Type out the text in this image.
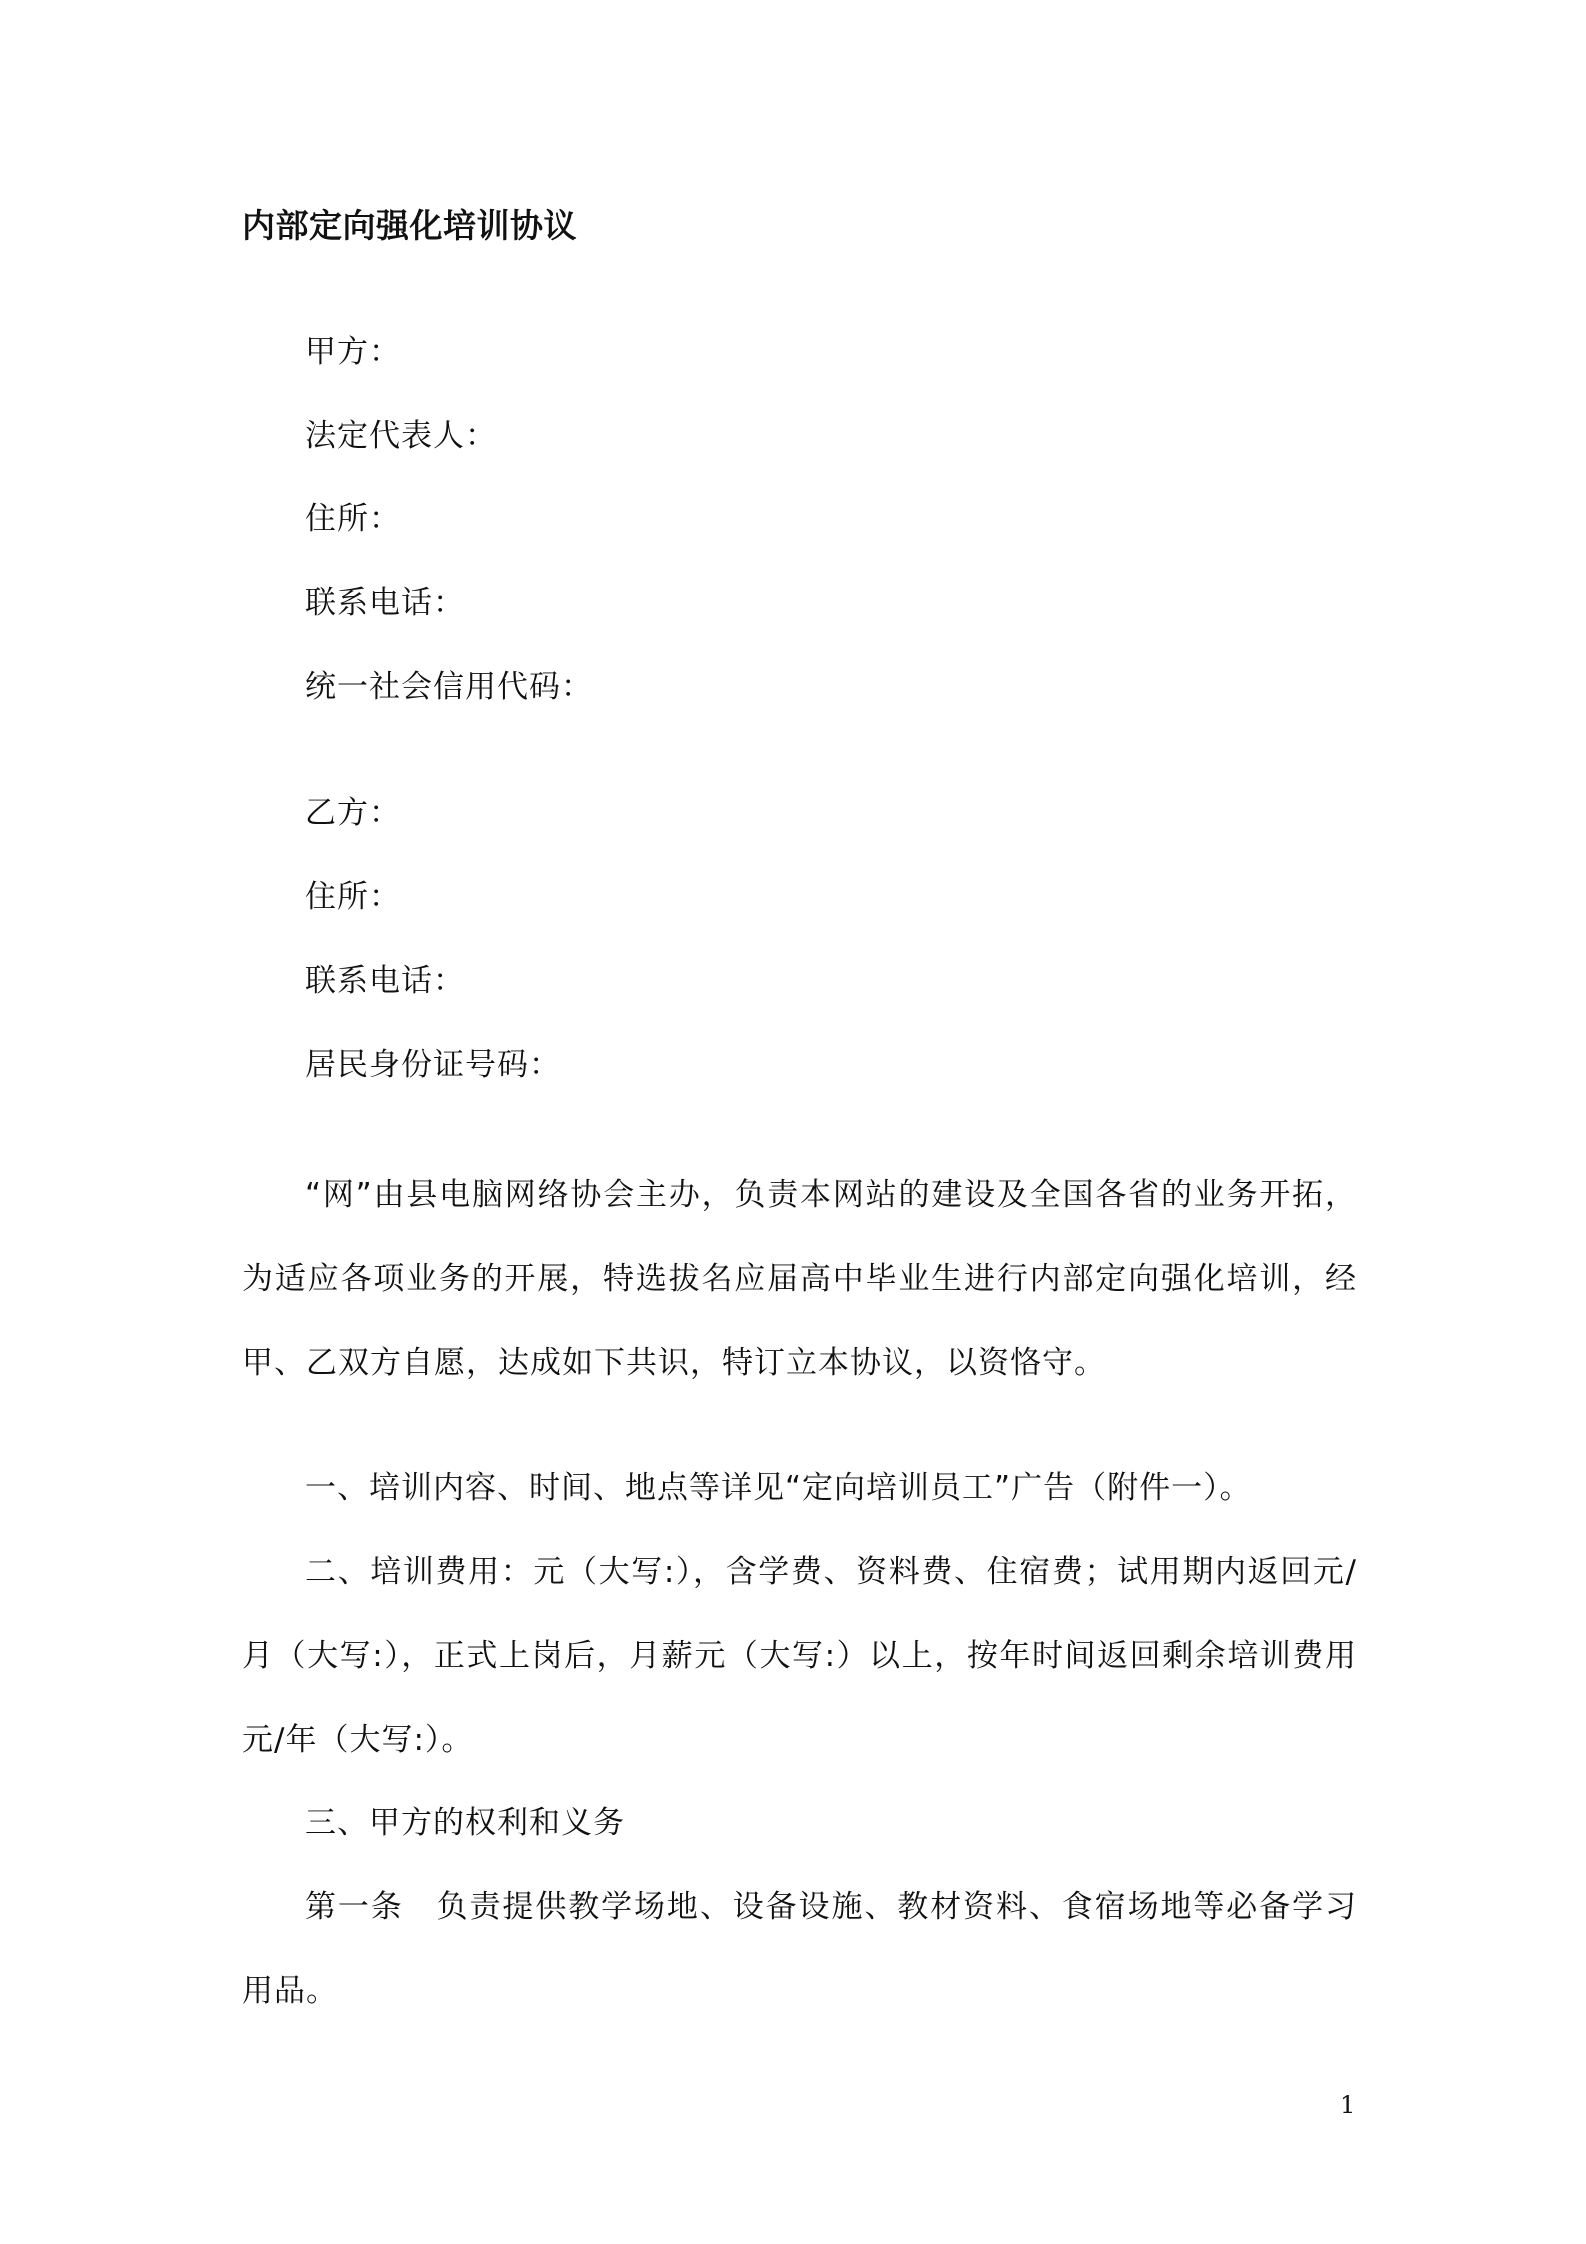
内部定向强化培训协议
甲方：
法定代表人：
住所：
联系电话：
统一社会信用代码：
乙方：
住所：
联系电话：
居民身份证号码：

“网”由县电脑网络协会主办，负责本网站的建设及全国各省的业务开拓，为适应各项业务的开展，特选拔名应届高中毕业生进行内部定向强化培训，经甲、乙双方自愿，达成如下共识，特订立本协议，以资恪守。

一、培训内容、时间、地点等详见“定向培训员工”广告（附件一）。

二、培训费用：元（大写:），含学费、资料费、住宿费；试用期内返回元/月（大写:），正式上岗后，月薪元（大写:）以上，按年时间返回剩余培训费用元/年（大写:）。

三、甲方的权利和义务

第一条　负责提供教学场地、设备设施、教材资料、食宿场地等必备学习用品。

1
